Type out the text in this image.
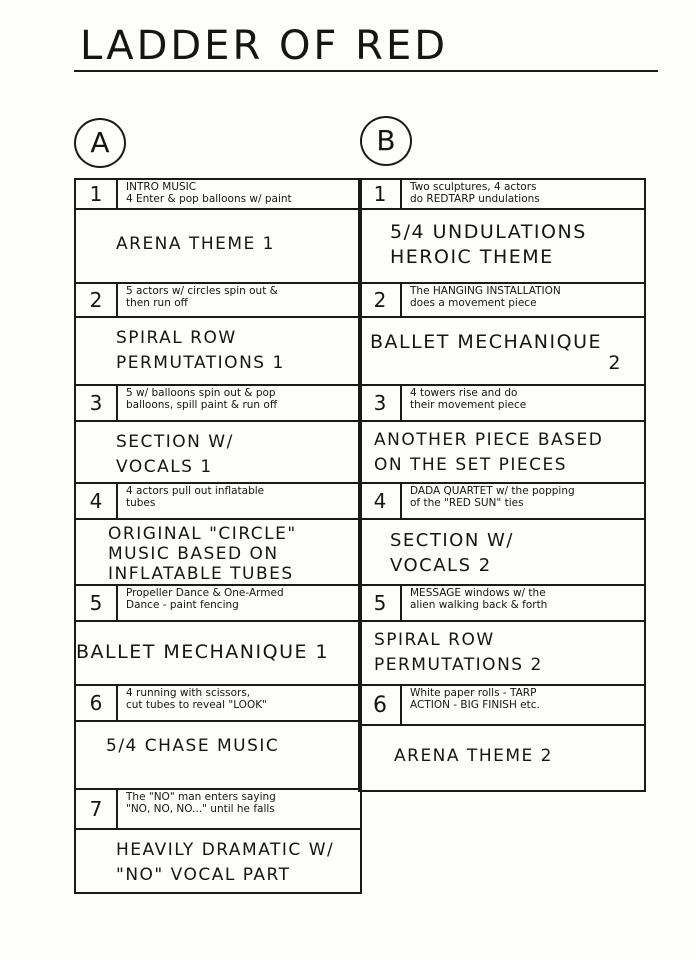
LADDER OF RED
A	B
1	INTRO MUSIC
4 Enter & pop balloons w/ paint
ARENA THEME 1
2	5 actors w/ circles spin out &
then run off
SPIRAL ROW
PERMUTATIONS 1
3	5 w/ balloons spin out & pop
balloons, spill paint & run off
SECTION W/
VOCALS 1
4	4 actors pull out inflatable
tubes
ORIGINAL "CIRCLE"
MUSIC BASED ON
INFLATABLE TUBES
5	Propeller Dance & One-Armed
Dance - paint fencing
BALLET MECHANIQUE 1
6	4 running with scissors,
cut tubes to reveal "LOOK"
5/4 CHASE MUSIC
7	The "NO" man enters saying
"NO, NO, NO..." until he falls
HEAVILY DRAMATIC W/
"NO" VOCAL PART
1	Two sculptures, 4 actors
do REDTARP undulations
5/4 UNDULATIONS
HEROIC THEME
2	The HANGING INSTALLATION
does a movement piece
BALLET MECHANIQUE
2
3	4 towers rise and do
their movement piece
ANOTHER PIECE BASED
ON THE SET PIECES
4	DADA QUARTET w/ the popping
of the "RED SUN" ties
SECTION W/
VOCALS 2
5	MESSAGE windows w/ the
alien walking back & forth
SPIRAL ROW
PERMUTATIONS 2
6	White paper rolls - TARP
ACTION - BIG FINISH etc.
ARENA THEME 2
